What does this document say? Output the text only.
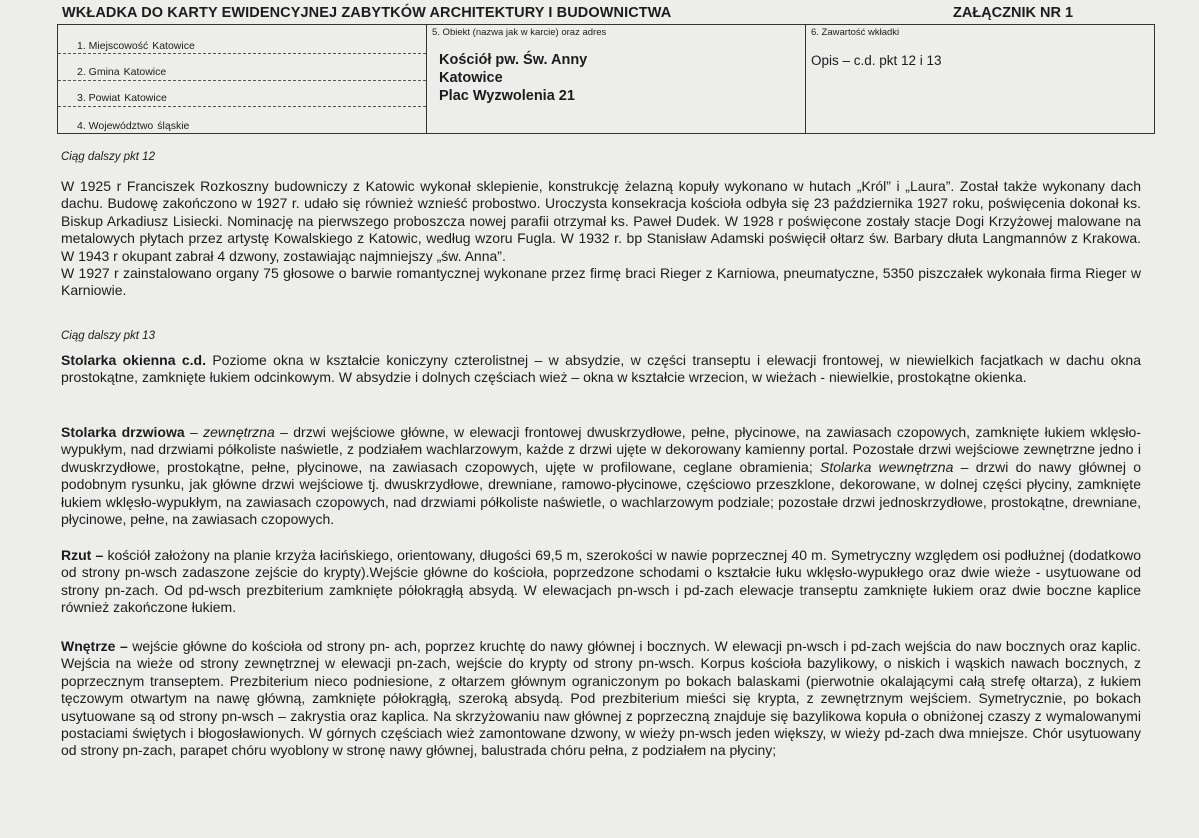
WKŁADKA DO KARTY EWIDENCYJNEJ ZABYTKÓW ARCHITEKTURY I BUDOWNICTWA	ZAŁĄCZNIK NR 1
1. Miejscowość Katowice
2. Gmina Katowice
3. Powiat Katowice
4. Województwo śląskie
5. Obiekt (nazwa jak w karcie) oraz adres
Kościół pw. Św. Anny
Katowice
Plac Wyzwolenia 21
6. Zawartość wkładki
Opis – c.d. pkt 12 i 13
Ciąg dalszy pkt 12

W 1925 r Franciszek Rozkoszny budowniczy z Katowic wykonał sklepienie, konstrukcję żelazną kopuły wykonano w hutach „Król” i „Laura”. Został także wykonany dach dachu. Budowę zakończono w 1927 r. udało się również wznieść probostwo. Uroczysta konsekracja kościoła odbyła się 23 października 1927 roku, poświęcenia dokonał ks. Biskup Arkadiusz Lisiecki. Nominację na pierwszego proboszcza nowej parafii otrzymał ks. Paweł Dudek. W 1928 r poświęcone zostały stacje Dogi Krzyżowej malowane na metalowych płytach przez artystę Kowalskiego z Katowic, według wzoru Fugla. W 1932 r. bp Stanisław Adamski poświęcił ołtarz św. Barbary dłuta Langmannów z Krakowa. W 1943 r okupant zabrał 4 dzwony, zostawiając najmniejszy „św. Anna”.

W 1927 r zainstalowano organy 75 głosowe o barwie romantycznej wykonane przez firmę braci Rieger z Karniowa, pneumatyczne, 5350 piszczałek wykonała firma Rieger w Karniowie.

Ciąg dalszy pkt 13

Stolarka okienna c.d. Poziome okna w kształcie koniczyny czterolistnej – w absydzie, w części transeptu i elewacji frontowej, w niewielkich facjatkach w dachu okna prostokątne, zamknięte łukiem odcinkowym. W absydzie i dolnych częściach wież – okna w kształcie wrzecion, w wieżach - niewielkie, prostokątne okienka.

Stolarka drzwiowa – zewnętrzna – drzwi wejściowe główne, w elewacji frontowej dwuskrzydłowe, pełne, płycinowe, na zawiasach czopowych, zamknięte łukiem wklęsło-wypukłym, nad drzwiami półkoliste naświetle, z podziałem wachlarzowym, każde z drzwi ujęte w dekorowany kamienny portal. Pozostałe drzwi wejściowe zewnętrzne jedno i dwuskrzydłowe, prostokątne, pełne, płycinowe, na zawiasach czopowych, ujęte w profilowane, ceglane obramienia; Stolarka wewnętrzna – drzwi do nawy głównej o podobnym rysunku, jak główne drzwi wejściowe tj. dwuskrzydłowe, drewniane, ramowo-płycinowe, częściowo przeszklone, dekorowane, w dolnej części płyciny, zamknięte łukiem wklęsło-wypukłym, na zawiasach czopowych, nad drzwiami półkoliste naświetle, o wachlarzowym podziale; pozostałe drzwi jednoskrzydłowe, prostokątne, drewniane, płycinowe, pełne, na zawiasach czopowych.

Rzut – kościół założony na planie krzyża łacińskiego, orientowany, długości 69,5 m, szerokości w nawie poprzecznej 40 m. Symetryczny względem osi podłużnej (dodatkowo od strony pn-wsch zadaszone zejście do krypty).Wejście główne do kościoła, poprzedzone schodami o kształcie łuku wklęsło-wypukłego oraz dwie wieże - usytuowane od strony pn-zach. Od pd-wsch prezbiterium zamknięte półokrągłą absydą. W elewacjach pn-wsch i pd-zach elewacje transeptu zamknięte łukiem oraz dwie boczne kaplice również zakończone łukiem.

Wnętrze – wejście główne do kościoła od strony pn- ach, poprzez kruchtę do nawy głównej i bocznych. W elewacji pn-wsch i pd-zach wejścia do naw bocznych oraz kaplic. Wejścia na wieże od strony zewnętrznej w elewacji pn-zach, wejście do krypty od strony pn-wsch. Korpus kościoła bazylikowy, o niskich i wąskich nawach bocznych, z poprzecznym transeptem. Prezbiterium nieco podniesione, z ołtarzem głównym ograniczonym po bokach balaskami (pierwotnie okalającymi całą strefę ołtarza), z łukiem tęczowym otwartym na nawę główną, zamknięte półokrągłą, szeroką absydą. Pod prezbiterium mieści się krypta, z zewnętrznym wejściem. Symetrycznie, po bokach usytuowane są od strony pn-wsch – zakrystia oraz kaplica. Na skrzyżowaniu naw głównej z poprzeczną znajduje się bazylikowa kopuła o obniżonej czaszy z wymalowanymi postaciami świętych i błogosławionych. W górnych częściach wież zamontowane dzwony, w wieży pn-wsch jeden większy, w wieży pd-zach dwa mniejsze. Chór usytuowany od strony pn-zach, parapet chóru wyoblony w stronę nawy głównej, balustrada chóru pełna, z podziałem na płyciny;
